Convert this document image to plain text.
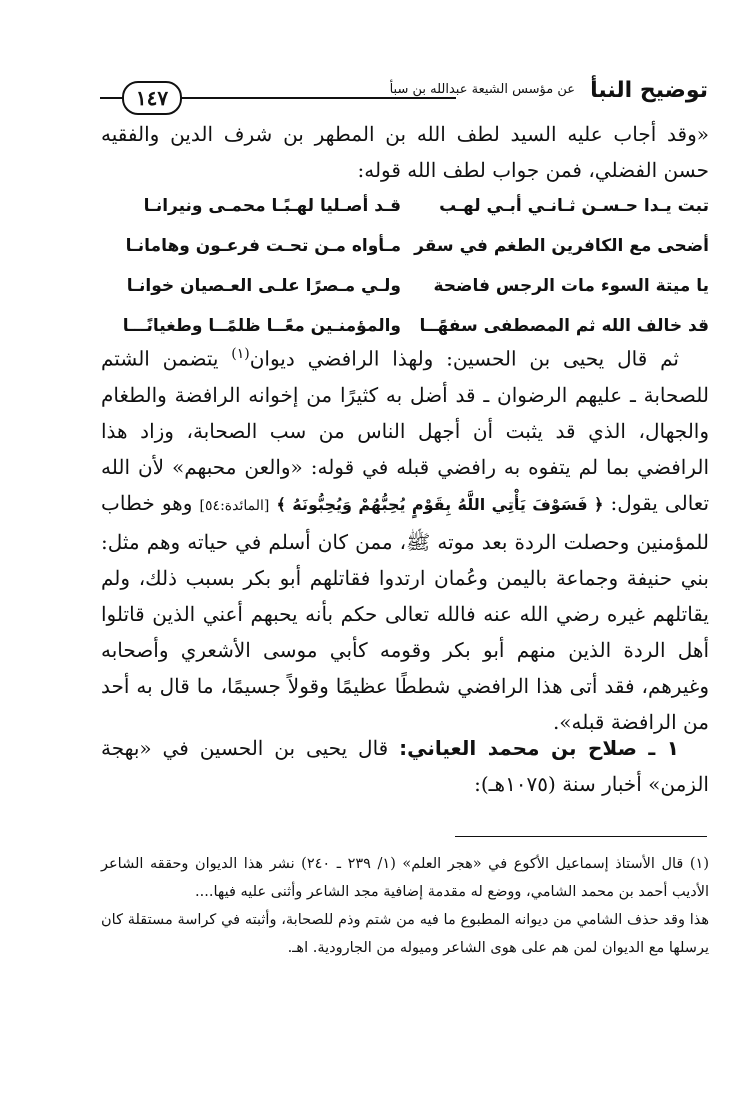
توضيح النبأ
عن مؤسس الشيعة عبدالله بن سبأ
١٤٧
«وقد أجاب عليه السيد لطف الله بن المطهر بن شرف الدين والفقيه حسن الفضلي، فمن جواب لطف الله قوله:
تبت يـدا حـسـن ثـانـي أبـي لهـب
قـد أصـليا لهـبًـا محمـى ونيرانـا
أضحى مع الكافرين الطغم في سقر
مـأواه مـن تحـت فرعـون وهامانـا
يا ميتة السوء مات الرجس فاضحة
ولـي مـصرًا علـى العـصيان خوانـا
قد خالف الله ثم المصطفى سفهًــا
والمؤمنـين معًــا ظلمًــا وطغيانًـــا
ثم قال يحيى بن الحسين: ولهذا الرافضي ديوان$^{(١)}$ يتضمن الشتم للصحابة ـ عليهم الرضوان ـ قد أضل به كثيرًا من إخوانه الرافضة والطغام والجهال، الذي قد يثبت أن أجهل الناس من سب الصحابة، وزاد هذا الرافضي بما لم يتفوه به رافضي قبله في قوله: «والعن محبهم» لأن الله تعالى يقول: ﴿ فَسَوْفَ يَأْتِي اللَّهُ بِقَوْمٍ يُحِبُّهُمْ وَيُحِبُّونَهُ ﴾ [المائدة:٥٤] وهو خطاب للمؤمنين وحصلت الردة بعد موته ﷺ، ممن كان أسلم في حياته وهم مثل: بني حنيفة وجماعة باليمن وعُمان ارتدوا فقاتلهم أبو بكر بسبب ذلك، ولم يقاتلهم غيره رضي الله عنه فالله تعالى حكم بأنه يحبهم أعني الذين قاتلوا أهل الردة الذين منهم أبو بكر وقومه كأبي موسى الأشعري وأصحابه وغيرهم، فقد أتى هذا الرافضي شططًا عظيمًا وقولاً جسيمًا، ما قال به أحد من الرافضة قبله».
١ ـ صلاح بن محمد العياني: قال يحيى بن الحسين في «بهجة الزمن» أخبار سنة (١٠٧٥هـ):

(١) قال الأستاذ إسماعيل الأكوع في «هجر العلم» (١/ ٢٣٩ ـ ٢٤٠) نشر هذا الديوان وحققه الشاعر الأديب أحمد بن محمد الشامي، ووضع له مقدمة إضافية مجد الشاعر وأثنى عليه فيها....

هذا وقد حذف الشامي من ديوانه المطبوع ما فيه من شتم وذم للصحابة، وأثبته في كراسة مستقلة كان يرسلها مع الديوان لمن هم على هوى الشاعر وميوله من الجارودية. اهـ.
